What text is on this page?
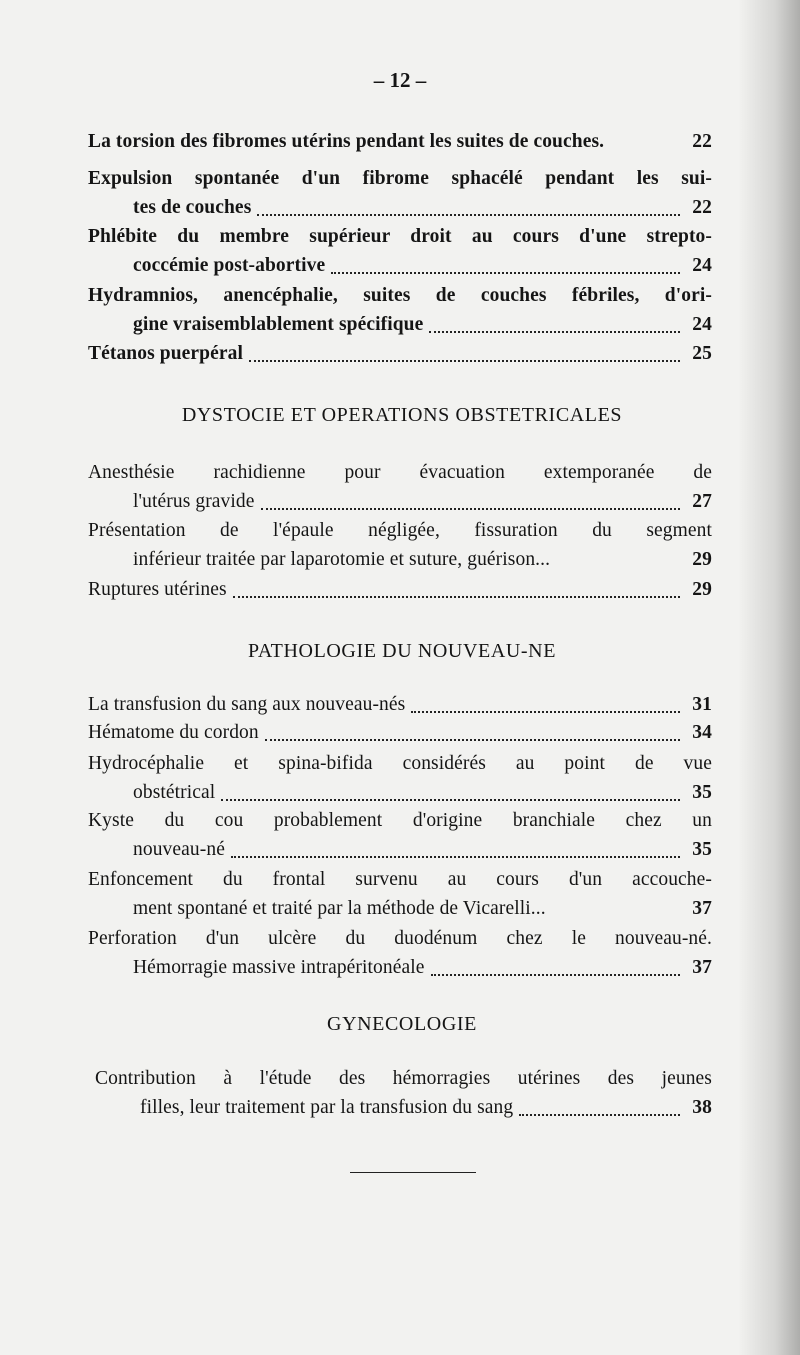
– 12 –
La torsion des fibromes utérins pendant les suites de couches.	22
Expulsion spontanée d'un fibrome sphacélé pendant les sui-
tes de couches	22
Phlébite du membre supérieur droit au cours d'une strepto-
coccémie post-abortive	24
Hydramnios, anencéphalie, suites de couches fébriles, d'ori-
gine vraisemblablement spécifique	24
Tétanos puerpéral	25
DYSTOCIE ET OPERATIONS OBSTETRICALES
Anesthésie rachidienne pour évacuation extemporanée de
l'utérus gravide	27
Présentation de l'épaule négligée, fissuration du segment
inférieur traitée par laparotomie et suture, guérison...	29
Ruptures utérines	29
PATHOLOGIE DU NOUVEAU-NE
La transfusion du sang aux nouveau-nés	31
Hématome du cordon	34
Hydrocéphalie et spina-bifida considérés au point de vue
obstétrical	35
Kyste du cou probablement d'origine branchiale chez un
nouveau-né	35
Enfoncement du frontal survenu au cours d'un accouche-
ment spontané et traité par la méthode de Vicarelli...	37
Perforation d'un ulcère du duodénum chez le nouveau-né.
Hémorragie massive intrapéritonéale	37
GYNECOLOGIE
Contribution à l'étude des hémorragies utérines des jeunes
filles, leur traitement par la transfusion du sang	38
